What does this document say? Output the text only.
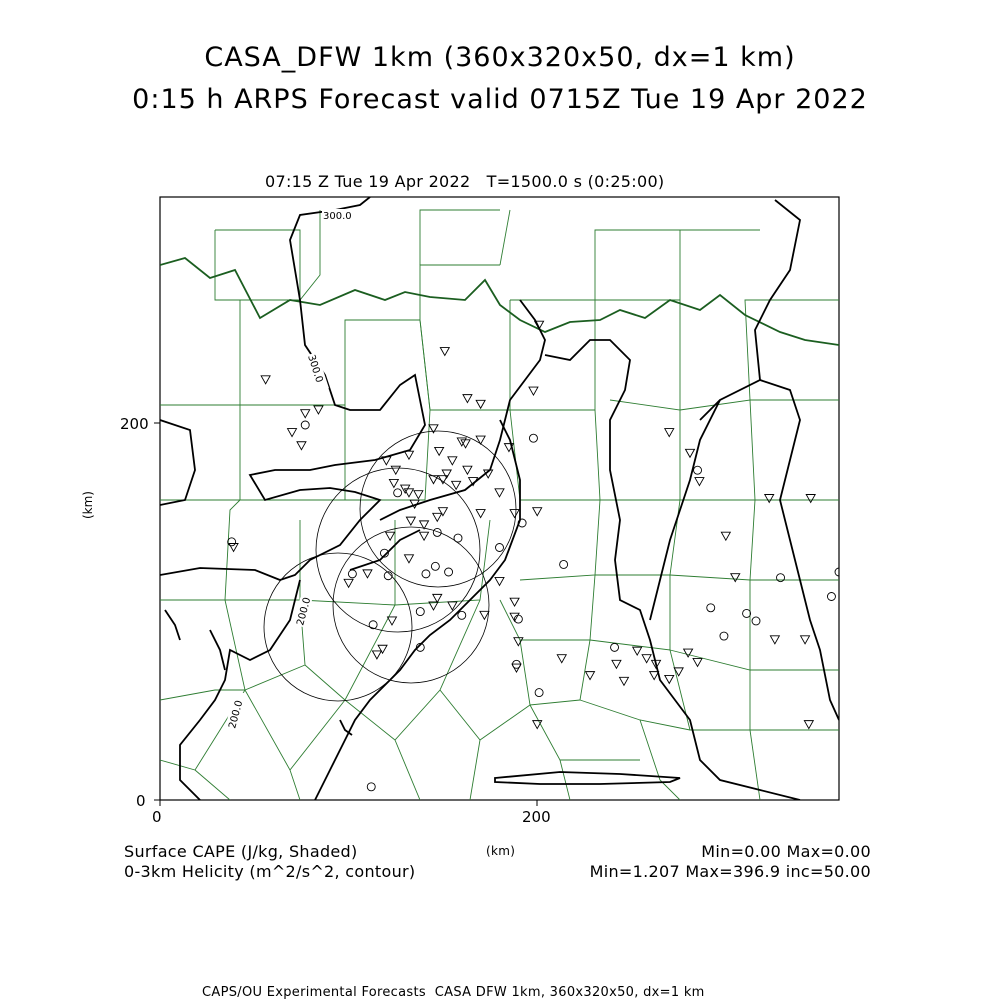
CASA_DFW 1km (360x320x50, dx=1 km)
0:15 h ARPS Forecast valid 0715Z Tue 19 Apr 2022
07:15 Z Tue 19 Apr 2022   T=1500.0 s (0:25:00)
300.0
300.0
200.0
200.0
0	200
0
200
(km)
Surface CAPE (J/kg, Shaded)
0-3km Helicity (m^2/s^2, contour)
(km)	Min=0.00 Max=0.00
Min=1.207 Max=396.9 inc=50.00
CAPS/OU Experimental Forecasts  CASA DFW 1km, 360x320x50, dx=1 km
